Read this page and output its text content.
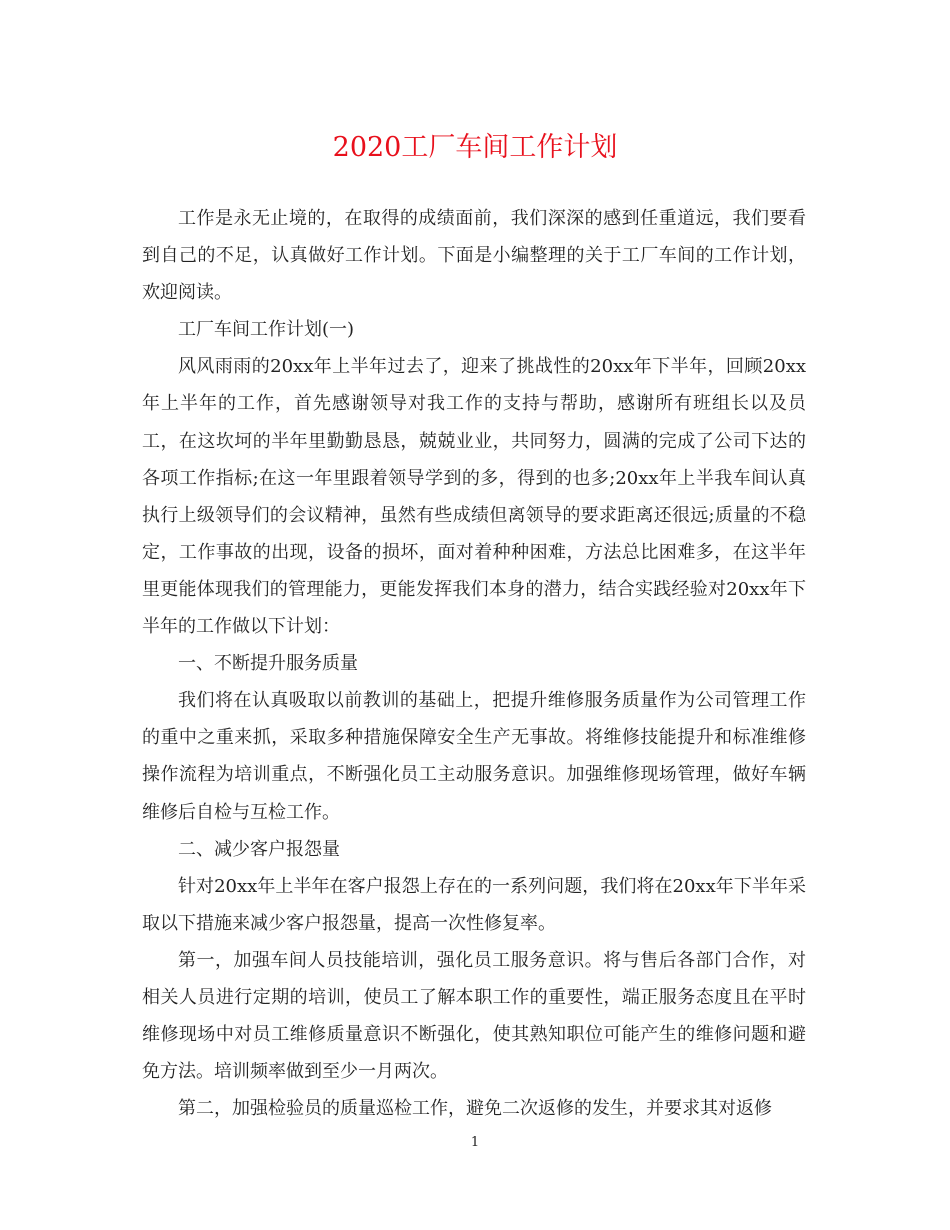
2020工厂车间工作计划

工作是永无止境的，在取得的成绩面前，我们深深的感到任重道远，我们要看到自己的不足，认真做好工作计划。下面是小编整理的关于工厂车间的工作计划，欢迎阅读。

工厂车间工作计划(一)

风风雨雨的20xx年上半年过去了，迎来了挑战性的20xx年下半年，回顾20xx年上半年的工作，首先感谢领导对我工作的支持与帮助，感谢所有班组长以及员工，在这坎坷的半年里勤勤恳恳，兢兢业业，共同努力，圆满的完成了公司下达的各项工作指标;在这一年里跟着领导学到的多，得到的也多;20xx年上半我车间认真执行上级领导们的会议精神，虽然有些成绩但离领导的要求距离还很远;质量的不稳定，工作事故的出现，设备的损坏，面对着种种困难，方法总比困难多，在这半年里更能体现我们的管理能力，更能发挥我们本身的潜力，结合实践经验对20xx年下半年的工作做以下计划：

一、不断提升服务质量

我们将在认真吸取以前教训的基础上，把提升维修服务质量作为公司管理工作的重中之重来抓，采取多种措施保障安全生产无事故。将维修技能提升和标准维修操作流程为培训重点，不断强化员工主动服务意识。加强维修现场管理，做好车辆维修后自检与互检工作。

二、减少客户报怨量

针对20xx年上半年在客户报怨上存在的一系列问题，我们将在20xx年下半年采取以下措施来减少客户报怨量，提高一次性修复率。

第一，加强车间人员技能培训，强化员工服务意识。将与售后各部门合作，对相关人员进行定期的培训，使员工了解本职工作的重要性，端正服务态度且在平时维修现场中对员工维修质量意识不断强化，使其熟知职位可能产生的维修问题和避免方法。培训频率做到至少一月两次。

第二，加强检验员的质量巡检工作，避免二次返修的发生，并要求其对返修

1
